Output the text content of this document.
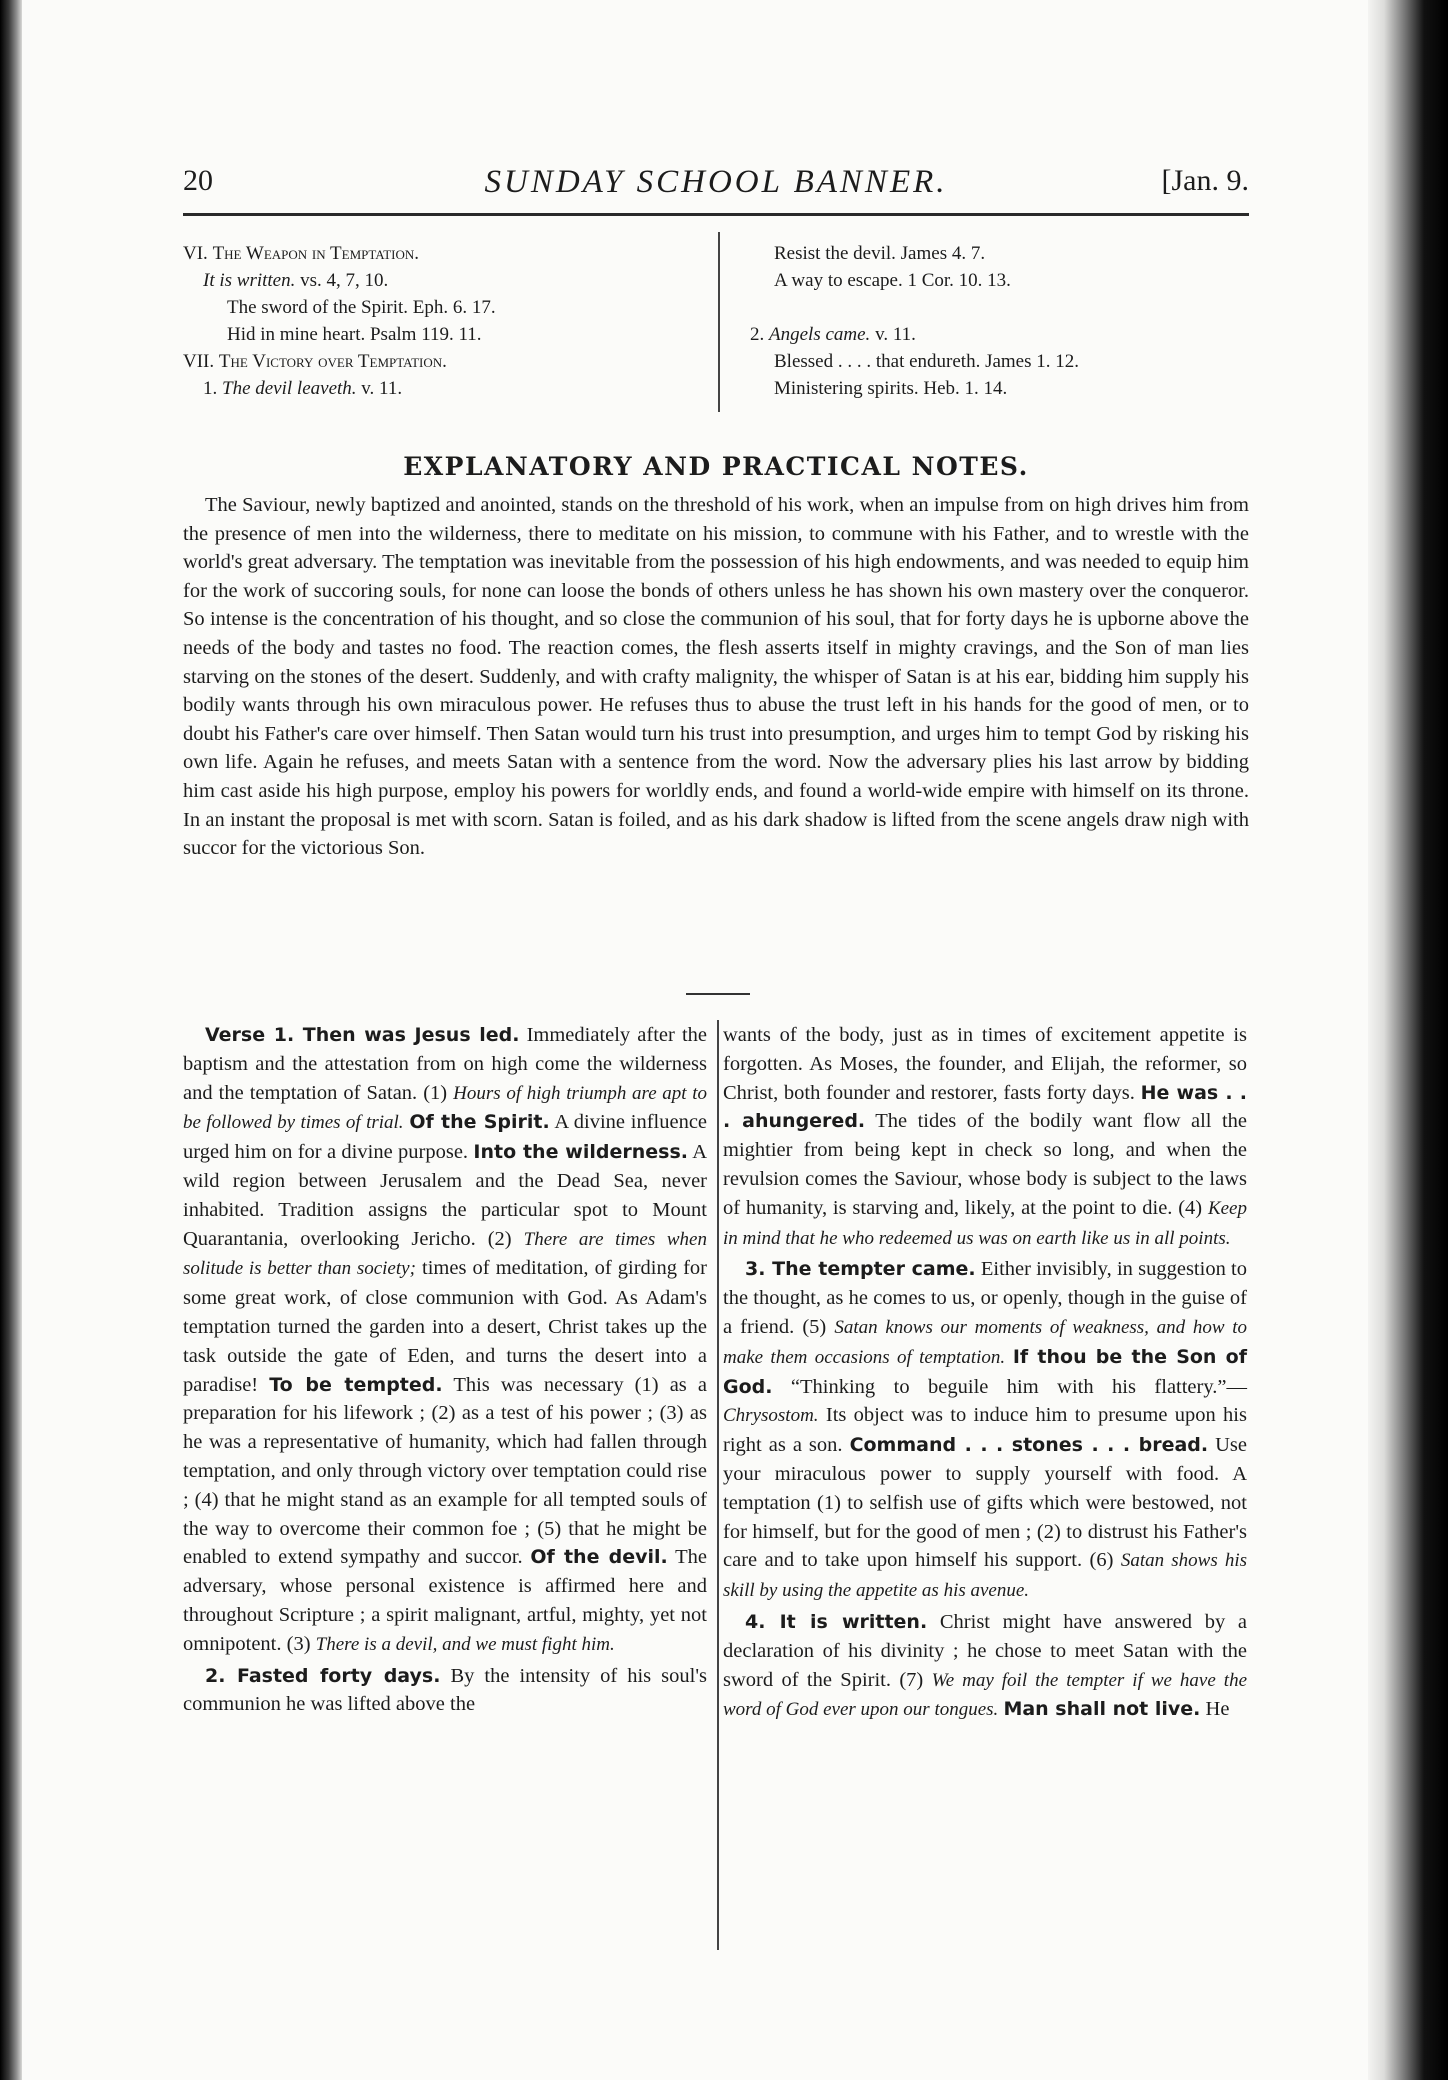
20	SUNDAY SCHOOL BANNER.	[Jan. 9.
VI. The Weapon in Temptation.
It is written. vs. 4, 7, 10.
The sword of the Spirit. Eph. 6. 17.
Hid in mine heart. Psalm 119. 11.
VII. The Victory over Temptation.
1. The devil leaveth. v. 11.
Resist the devil. James 4. 7.
A way to escape. 1 Cor. 10. 13.
2. Angels came. v. 11.
Blessed . . . . that endureth. James 1. 12.
Ministering spirits. Heb. 1. 14.
EXPLANATORY AND PRACTICAL NOTES.

The Saviour, newly baptized and anointed, stands on the threshold of his work, when an impulse from on high drives him from the presence of men into the wilderness, there to meditate on his mission, to commune with his Father, and to wrestle with the world's great adversary. The temptation was inevitable from the possession of his high endowments, and was needed to equip him for the work of succoring souls, for none can loose the bonds of others unless he has shown his own mastery over the conqueror. So intense is the concentration of his thought, and so close the communion of his soul, that for forty days he is upborne above the needs of the body and tastes no food. The reaction comes, the flesh asserts itself in mighty cravings, and the Son of man lies starving on the stones of the desert. Suddenly, and with crafty malignity, the whisper of Satan is at his ear, bidding him supply his bodily wants through his own miraculous power. He refuses thus to abuse the trust left in his hands for the good of men, or to doubt his Father's care over himself. Then Satan would turn his trust into presumption, and urges him to tempt God by risking his own life. Again he refuses, and meets Satan with a sentence from the word. Now the adversary plies his last arrow by bidding him cast aside his high purpose, employ his powers for worldly ends, and found a world-wide empire with himself on its throne. In an instant the proposal is met with scorn. Satan is foiled, and as his dark shadow is lifted from the scene angels draw nigh with succor for the victorious Son.

Verse 1. Then was Jesus led. Immediately after the baptism and the attestation from on high come the wilderness and the temptation of Satan. (1) Hours of high triumph are apt to be followed by times of trial. Of the Spirit. A divine influence urged him on for a divine purpose. Into the wilderness. A wild region between Jerusalem and the Dead Sea, never inhabited. Tradition assigns the particular spot to Mount Quarantania, overlooking Jericho. (2) There are times when solitude is better than society; times of meditation, of girding for some great work, of close communion with God. As Adam's temptation turned the garden into a desert, Christ takes up the task outside the gate of Eden, and turns the desert into a paradise! To be tempted. This was necessary (1) as a preparation for his lifework ; (2) as a test of his power ; (3) as he was a representative of humanity, which had fallen through temptation, and only through victory over temptation could rise ; (4) that he might stand as an example for all tempted souls of the way to overcome their common foe ; (5) that he might be enabled to extend sympathy and succor. Of the devil. The adversary, whose personal existence is affirmed here and throughout Scripture ; a spirit malignant, artful, mighty, yet not omnipotent. (3) There is a devil, and we must fight him.

2. Fasted forty days. By the intensity of his soul's communion he was lifted above the

wants of the body, just as in times of excitement appetite is forgotten. As Moses, the founder, and Elijah, the reformer, so Christ, both founder and restorer, fasts forty days. He was . . . ahungered. The tides of the bodily want flow all the mightier from being kept in check so long, and when the revulsion comes the Saviour, whose body is subject to the laws of humanity, is starving and, likely, at the point to die. (4) Keep in mind that he who redeemed us was on earth like us in all points.

3. The tempter came. Either invisibly, in suggestion to the thought, as he comes to us, or openly, though in the guise of a friend. (5) Satan knows our moments of weakness, and how to make them occasions of temptation. If thou be the Son of God. “Thinking to beguile him with his flattery.”—Chrysostom. Its object was to induce him to presume upon his right as a son. Command . . . stones . . . bread. Use your miraculous power to supply yourself with food. A temptation (1) to selfish use of gifts which were bestowed, not for himself, but for the good of men ; (2) to distrust his Father's care and to take upon himself his support. (6) Satan shows his skill by using the appetite as his avenue.

4. It is written. Christ might have answered by a declaration of his divinity ; he chose to meet Satan with the sword of the Spirit. (7) We may foil the tempter if we have the word of God ever upon our tongues. Man shall not live. He
